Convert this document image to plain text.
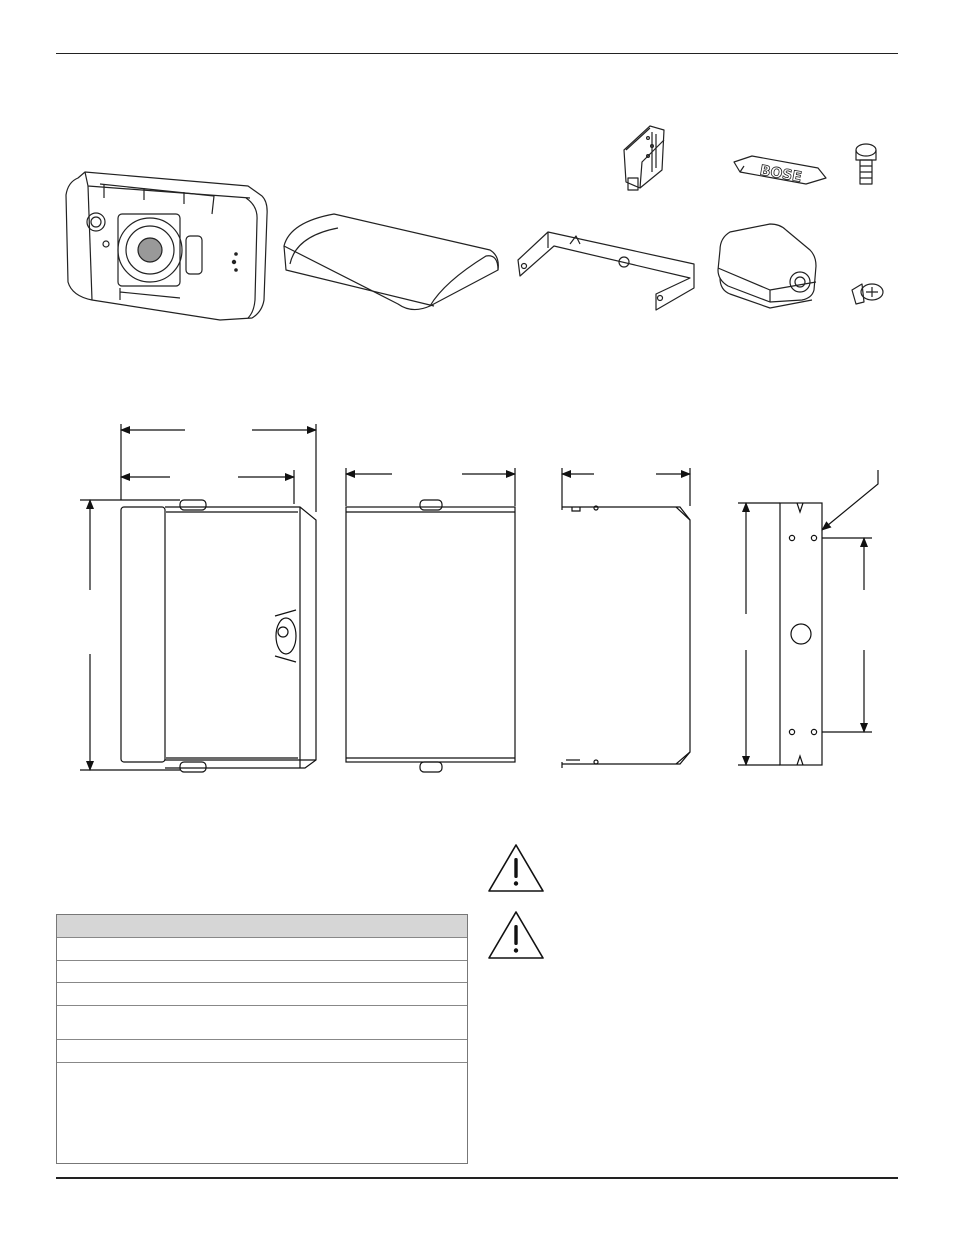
BOSE
